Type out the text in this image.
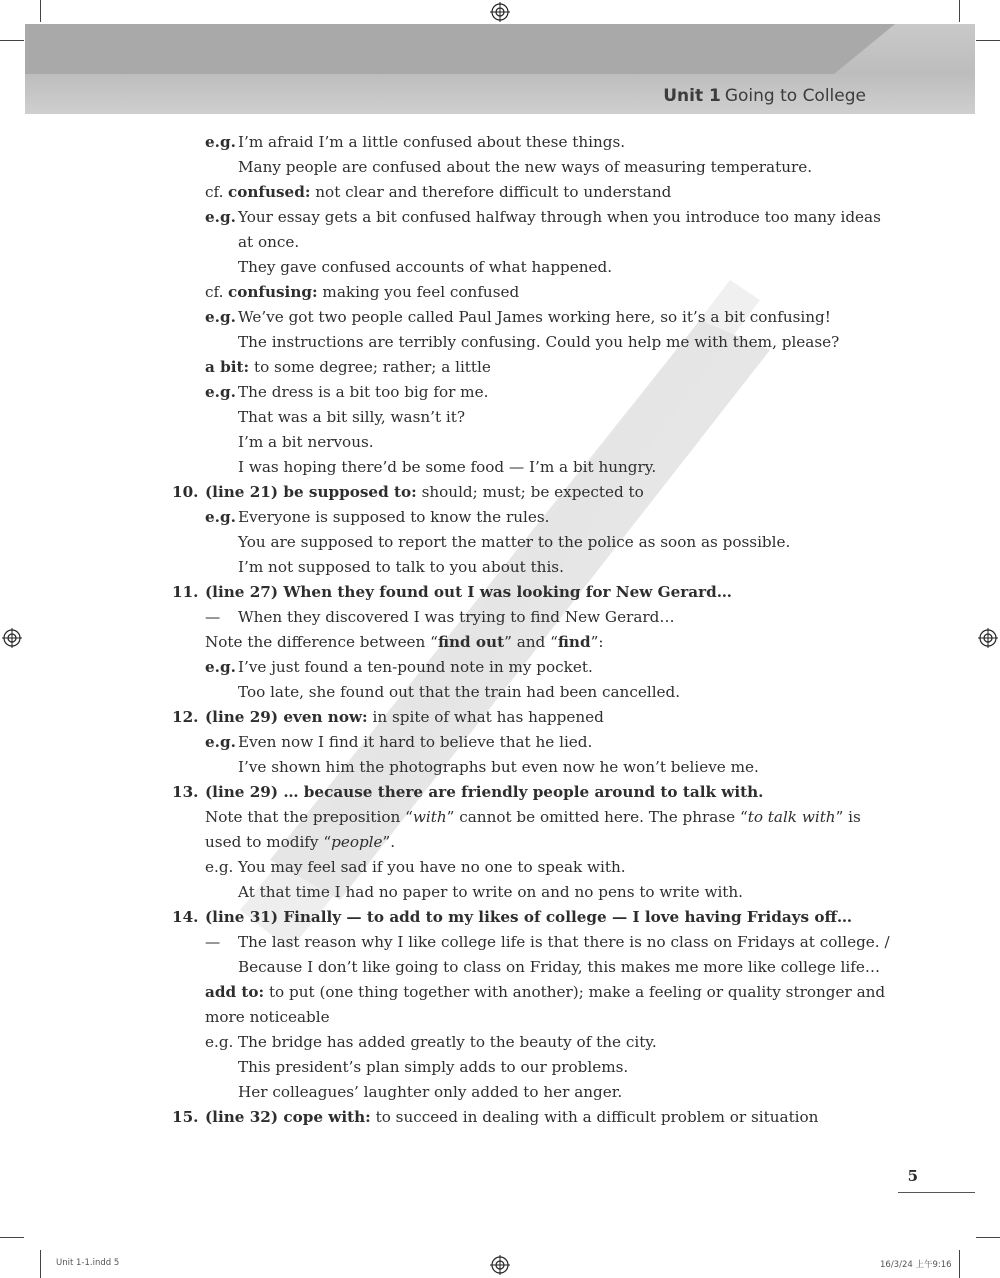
Unit 1 Going to College
e.g. I’m afraid I’m a little confused about these things.
Many people are confused about the new ways of measuring temperature.
cf. confused: not clear and therefore difficult to understand
e.g. Your essay gets a bit confused halfway through when you introduce too many ideas
at once.
They gave confused accounts of what happened.
cf. confusing: making you feel confused
e.g. We’ve got two people called Paul James working here, so it’s a bit confusing!
The instructions are terribly confusing. Could you help me with them, please?
a bit: to some degree; rather; a little
e.g. The dress is a bit too big for me.
That was a bit silly, wasn’t it?
I’m a bit nervous.
I was hoping there’d be some food — I’m a bit hungry.
10. (line 21) be supposed to: should; must; be expected to
e.g. Everyone is supposed to know the rules.
You are supposed to report the matter to the police as soon as possible.
I’m not supposed to talk to you about this.
11. (line 27) When they found out I was looking for New Gerard…
— When they discovered I was trying to find New Gerard…
Note the difference between “find out” and “find”:
e.g. I’ve just found a ten-pound note in my pocket.
Too late, she found out that the train had been cancelled.
12. (line 29) even now: in spite of what has happened
e.g. Even now I find it hard to believe that he lied.
I’ve shown him the photographs but even now he won’t believe me.
13. (line 29) … because there are friendly people around to talk with.
Note that the preposition “with” cannot be omitted here. The phrase “to talk with” is
used to modify “people”.
e.g. You may feel sad if you have no one to speak with.
At that time I had no paper to write on and no pens to write with.
14. (line 31) Finally — to add to my likes of college — I love having Fridays off…
— The last reason why I like college life is that there is no class on Fridays at college. /
Because I don’t like going to class on Friday, this makes me more like college life…
add to: to put (one thing together with another); make a feeling or quality stronger and
more noticeable
e.g. The bridge has added greatly to the beauty of the city.
This president’s plan simply adds to our problems.
Her colleagues’ laughter only added to her anger.
15. (line 32) cope with: to succeed in dealing with a difficult problem or situation
5
Unit 1-1.indd 5	16/3/24 上午9:16
